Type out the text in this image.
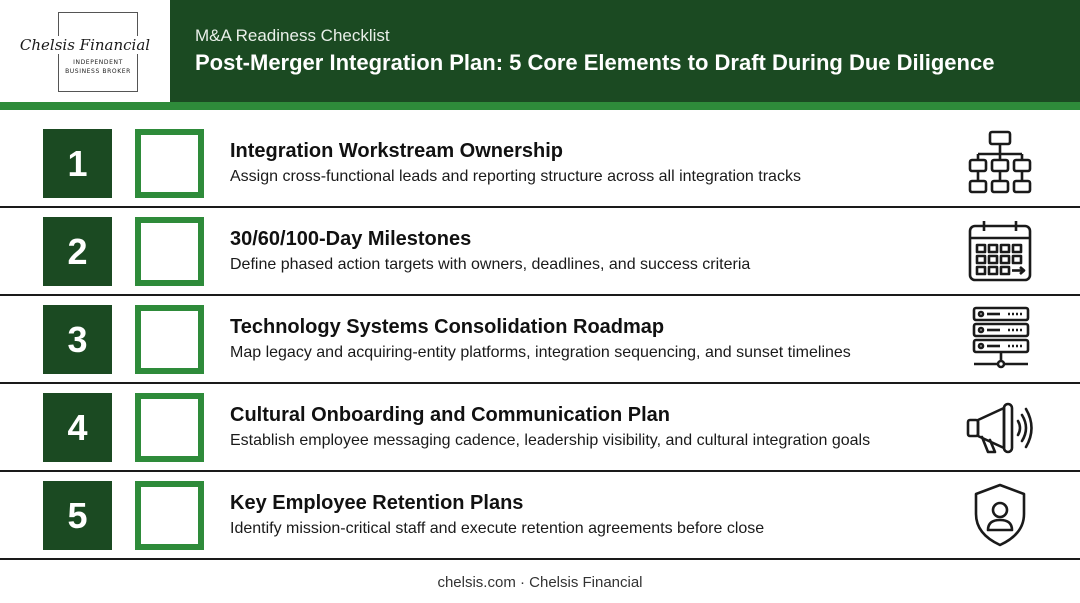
Chelsis Financial
INDEPENDENT BUSINESS BROKER
M&A Readiness Checklist
Post-Merger Integration Plan: 5 Core Elements to Draft During Due Diligence
1	Integration Workstream Ownership
Assign cross-functional leads and reporting structure across all integration tracks
2	30/60/100-Day Milestones
Define phased action targets with owners, deadlines, and success criteria
3	Technology Systems Consolidation Roadmap
Map legacy and acquiring-entity platforms, integration sequencing, and sunset timelines
4	Cultural Onboarding and Communication Plan
Establish employee messaging cadence, leadership visibility, and cultural integration goals
5	Key Employee Retention Plans
Identify mission-critical staff and execute retention agreements before close
chelsis.com · Chelsis Financial
